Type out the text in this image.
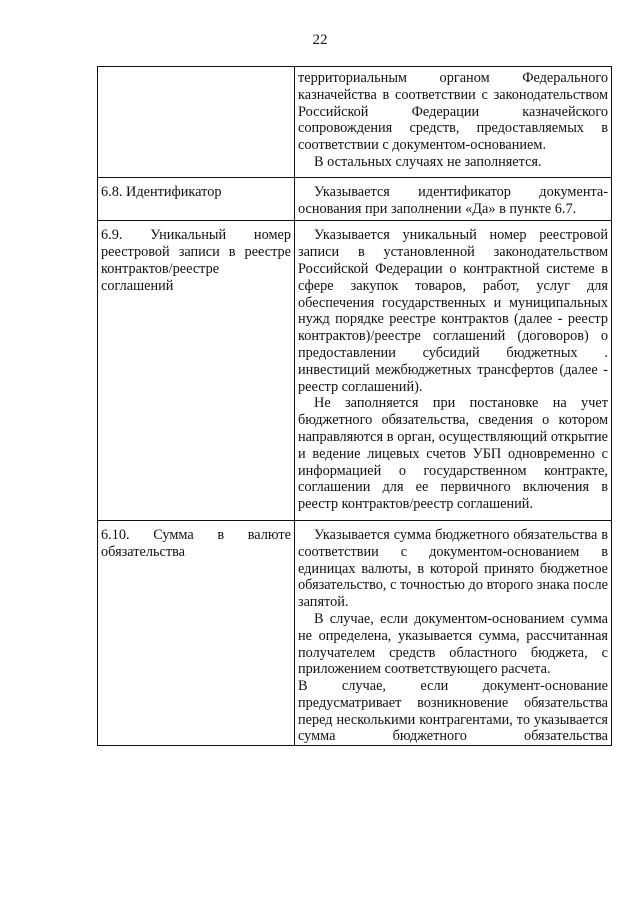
22

	территориальным органом Федерального казначейства в соответствии с законодательством Российской Федерации казначейского сопровождения средств, предоставляемых в соответствии с документом-основанием.

В остальных случаях не заполняется.

6.8. Идентификатор	Указывается идентификатор документа-основания при заполнении «Да» в пункте 6.7.

6.9. Уникальный номер реестровой записи в реестре контрактов/реестре соглашений	Указывается уникальный номер реестровой записи в установленной законодательством Российской Федерации о контрактной системе в сфере закупок товаров, работ, услуг для обеспечения государственных и муниципальных нужд порядке реестре контрактов (далее - реестр контрактов)/реестре соглашений (договоров) о предоставлении субсидий бюджетных . инвестиций межбюджетных трансфертов (далее - реестр соглашений).

Не заполняется при постановке на учет бюджетного обязательства, сведения о котором направляются в орган, осуществляющий открытие и ведение лицевых счетов УБП одновременно с информацией о государственном контракте, соглашении для ее первичного включения в реестр контрактов/реестр соглашений.

6.10. Сумма в валюте обязательства	Указывается сумма бюджетного обязательства в соответствии с документом-основанием в единицах валюты, в которой принято бюджетное обязательство, с точностью до второго знака после запятой.

В случае, если документом-основанием сумма не определена, указывается сумма, рассчитанная получателем средств областного бюджета, с приложением соответствующего расчета.

В случае, если документ-основание предусматривает возникновение обязательства перед несколькими контрагентами, то указывается сумма бюджетного обязательства
